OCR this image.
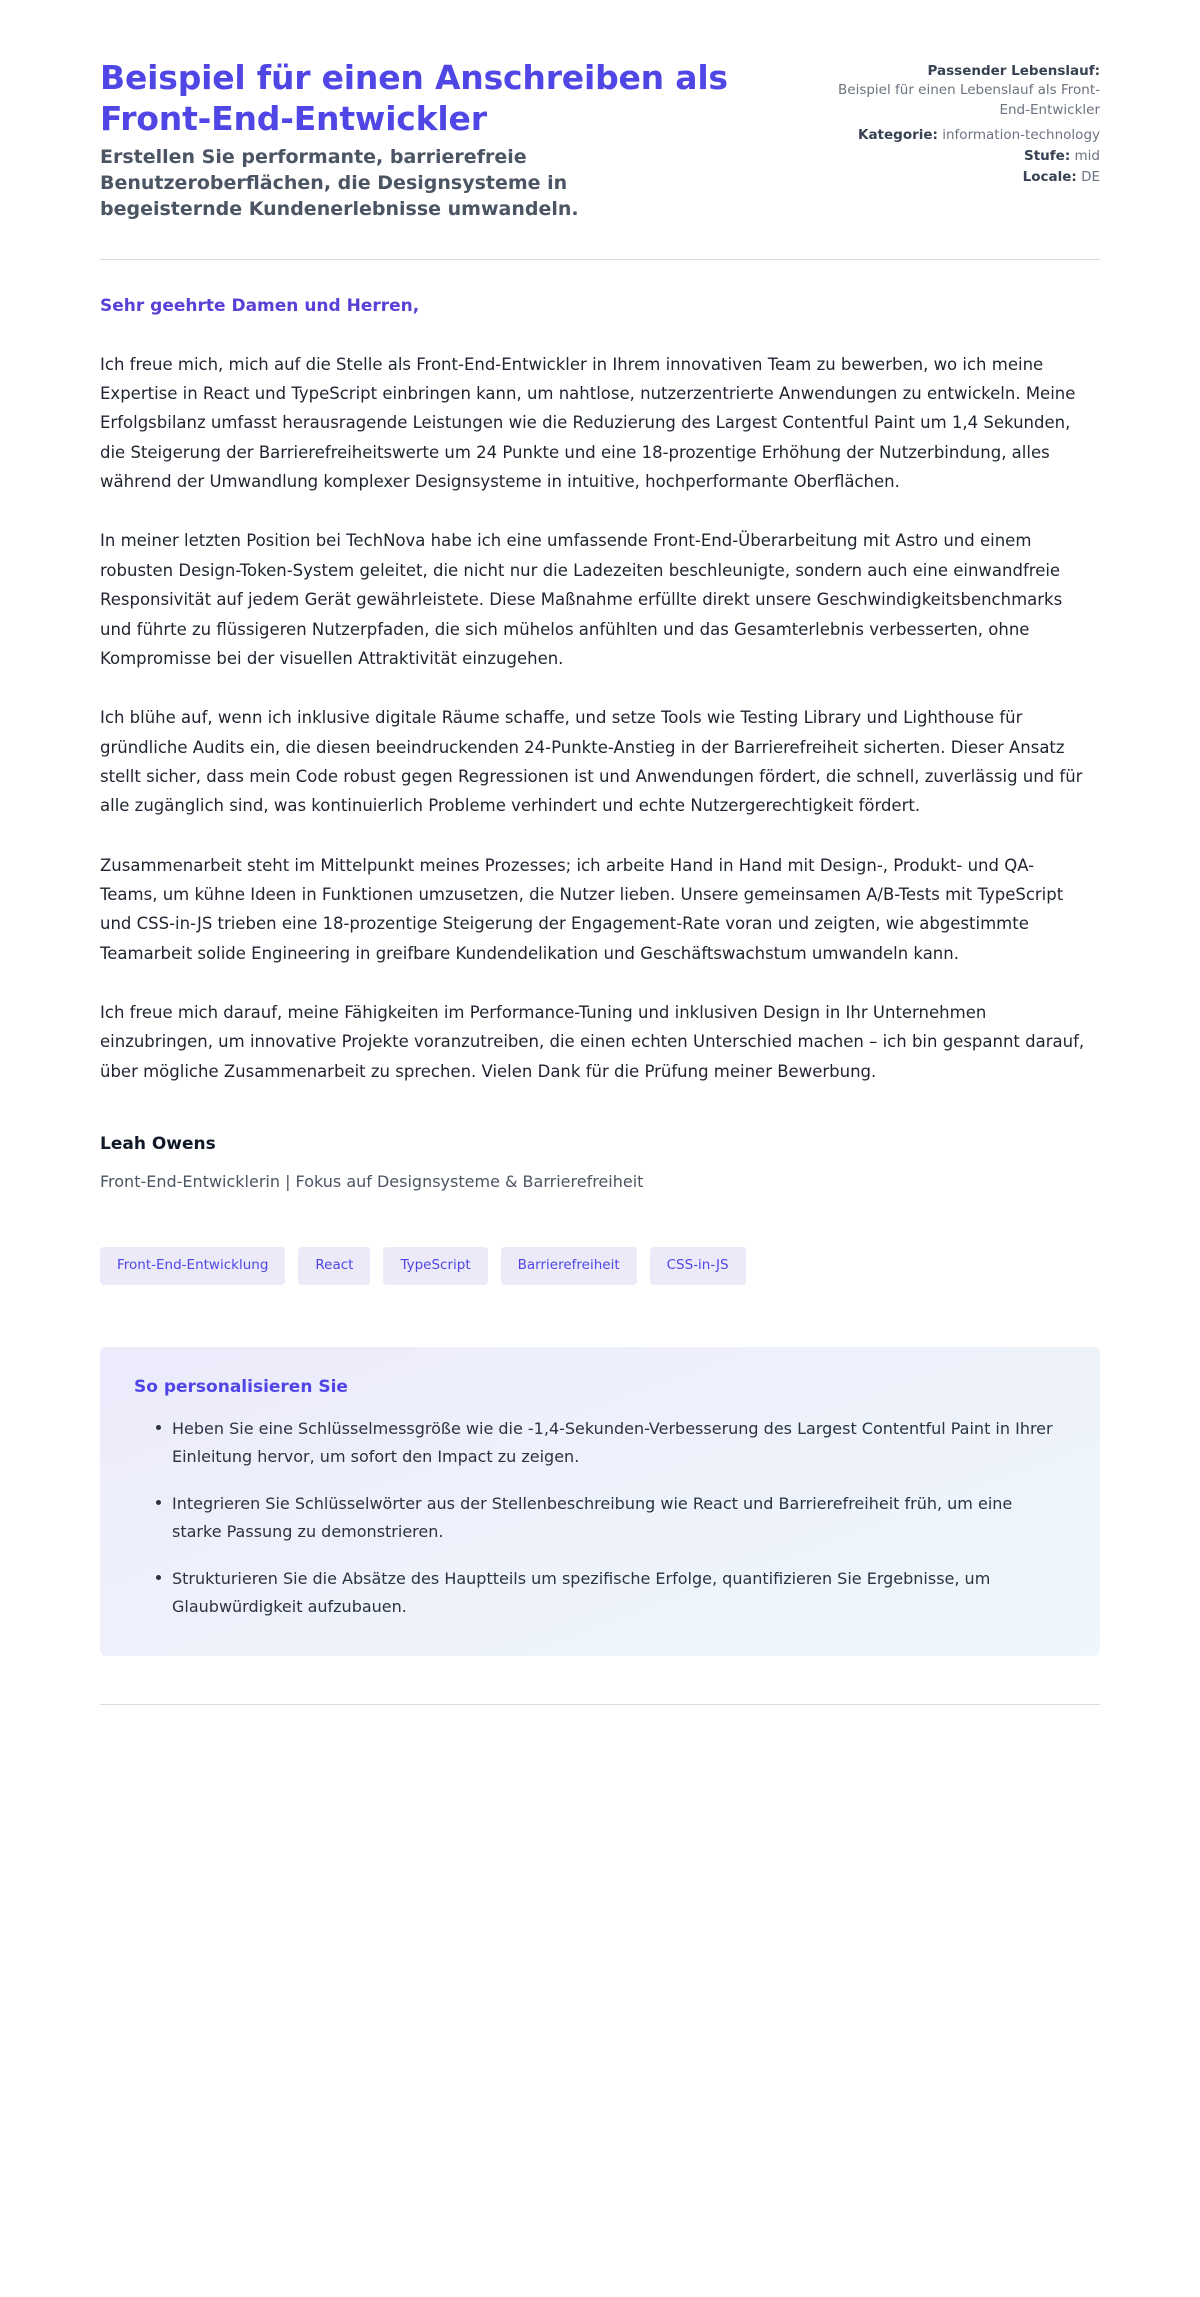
Beispiel für einen Anschreiben als Front-End-Entwickler

Erstellen Sie performante, barrierefreie Benutzeroberflächen, die Designsysteme in begeisternde Kundenerlebnisse umwandeln.

Passender Lebenslauf:
Beispiel für einen Lebenslauf als Front-End-Entwickler
Kategorie: information-technology
Stufe: mid
Locale: DE

Sehr geehrte Damen und Herren,

Ich freue mich, mich auf die Stelle als Front-End-Entwickler in Ihrem innovativen Team zu bewerben, wo ich meine Expertise in React und TypeScript einbringen kann, um nahtlose, nutzerzentrierte Anwendungen zu entwickeln. Meine Erfolgsbilanz umfasst herausragende Leistungen wie die Reduzierung des Largest Contentful Paint um 1,4 Sekunden, die Steigerung der Barrierefreiheitswerte um 24 Punkte und eine 18-prozentige Erhöhung der Nutzerbindung, alles während der Umwandlung komplexer Designsysteme in intuitive, hochperformante Oberflächen.

In meiner letzten Position bei TechNova habe ich eine umfassende Front-End-Überarbeitung mit Astro und einem robusten Design-Token-System geleitet, die nicht nur die Ladezeiten beschleunigte, sondern auch eine einwandfreie Responsivität auf jedem Gerät gewährleistete. Diese Maßnahme erfüllte direkt unsere Geschwindigkeitsbenchmarks und führte zu flüssigeren Nutzerpfaden, die sich mühelos anfühlten und das Gesamterlebnis verbesserten, ohne Kompromisse bei der visuellen Attraktivität einzugehen.

Ich blühe auf, wenn ich inklusive digitale Räume schaffe, und setze Tools wie Testing Library und Lighthouse für gründliche Audits ein, die diesen beeindruckenden 24-Punkte-Anstieg in der Barrierefreiheit sicherten. Dieser Ansatz stellt sicher, dass mein Code robust gegen Regressionen ist und Anwendungen fördert, die schnell, zuverlässig und für alle zugänglich sind, was kontinuierlich Probleme verhindert und echte Nutzergerechtigkeit fördert.

Zusammenarbeit steht im Mittelpunkt meines Prozesses; ich arbeite Hand in Hand mit Design-, Produkt- und QA-Teams, um kühne Ideen in Funktionen umzusetzen, die Nutzer lieben. Unsere gemeinsamen A/B-Tests mit TypeScript und CSS-in-JS trieben eine 18-prozentige Steigerung der Engagement-Rate voran und zeigten, wie abgestimmte Teamarbeit solide Engineering in greifbare Kundendelikation und Geschäftswachstum umwandeln kann.

Ich freue mich darauf, meine Fähigkeiten im Performance-Tuning und inklusiven Design in Ihr Unternehmen einzubringen, um innovative Projekte voranzutreiben, die einen echten Unterschied machen – ich bin gespannt darauf, über mögliche Zusammenarbeit zu sprechen. Vielen Dank für die Prüfung meiner Bewerbung.

Leah Owens

Front-End-Entwicklerin | Fokus auf Designsysteme & Barrierefreiheit

Front-End-Entwicklung	React	TypeScript	Barrierefreiheit	CSS-in-JS
So personalisieren Sie
Heben Sie eine Schlüsselmessgröße wie die -1,4-Sekunden-Verbesserung des Largest Contentful Paint in Ihrer Einleitung hervor, um sofort den Impact zu zeigen.
Integrieren Sie Schlüsselwörter aus der Stellenbeschreibung wie React und Barrierefreiheit früh, um eine starke Passung zu demonstrieren.
Strukturieren Sie die Absätze des Hauptteils um spezifische Erfolge, quantifizieren Sie Ergebnisse, um Glaubwürdigkeit aufzubauen.
